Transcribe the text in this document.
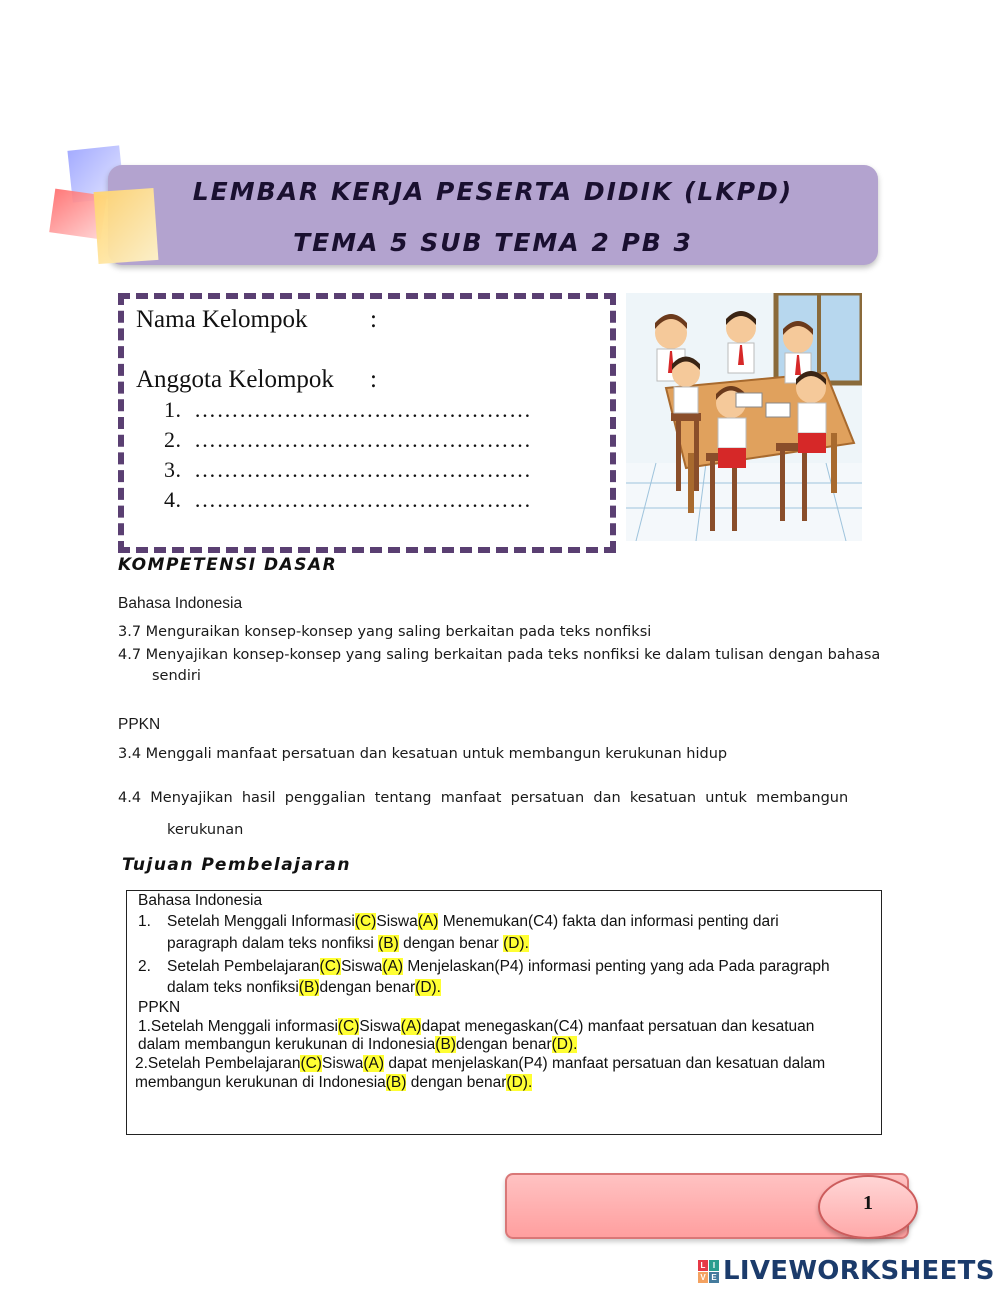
LEMBAR KERJA PESERTA DIDIK (LKPD)
TEMA 5 SUB TEMA 2 PB 3
Nama Kelompok	:
Anggota Kelompok :
1. ………………………………………
2. ………………………………………
3. ………………………………………
4. ………………………………………
KOMPETENSI DASAR
Bahasa Indonesia
3.7 Menguraikan konsep-konsep yang saling berkaitan pada teks nonfiksi
4.7 Menyajikan konsep-konsep yang saling berkaitan pada teks nonfiksi ke dalam tulisan dengan bahasa
sendiri
PPKN
3.4 Menggali manfaat persatuan dan kesatuan untuk membangun kerukunan hidup
4.4  Menyajikan  hasil  penggalian  tentang  manfaat  persatuan  dan  kesatuan  untuk  membangun
kerukunan
Tujuan Pembelajaran
Bahasa Indonesia
1. Setelah Menggali Informasi(C)Siswa(A) Menemukan(C4) fakta dan informasi penting dari
paragraph dalam teks nonfiksi (B) dengan benar (D).
2. Setelah Pembelajaran(C)Siswa(A) Menjelaskan(P4) informasi penting yang ada Pada paragraph
dalam teks nonfiksi(B)dengan benar(D).
PPKN
1.Setelah Menggali informasi(C)Siswa(A)dapat menegaskan(C4) manfaat persatuan dan kesatuan
dalam membangun kerukunan di Indonesia(B)dengan benar(D).
2.Setelah Pembelajaran(C)Siswa(A) dapat menjelaskan(P4) manfaat persatuan dan kesatuan dalam
membangun kerukunan di Indonesia(B) dengan benar(D).
1
L I
V E LIVEWORKSHEETS
